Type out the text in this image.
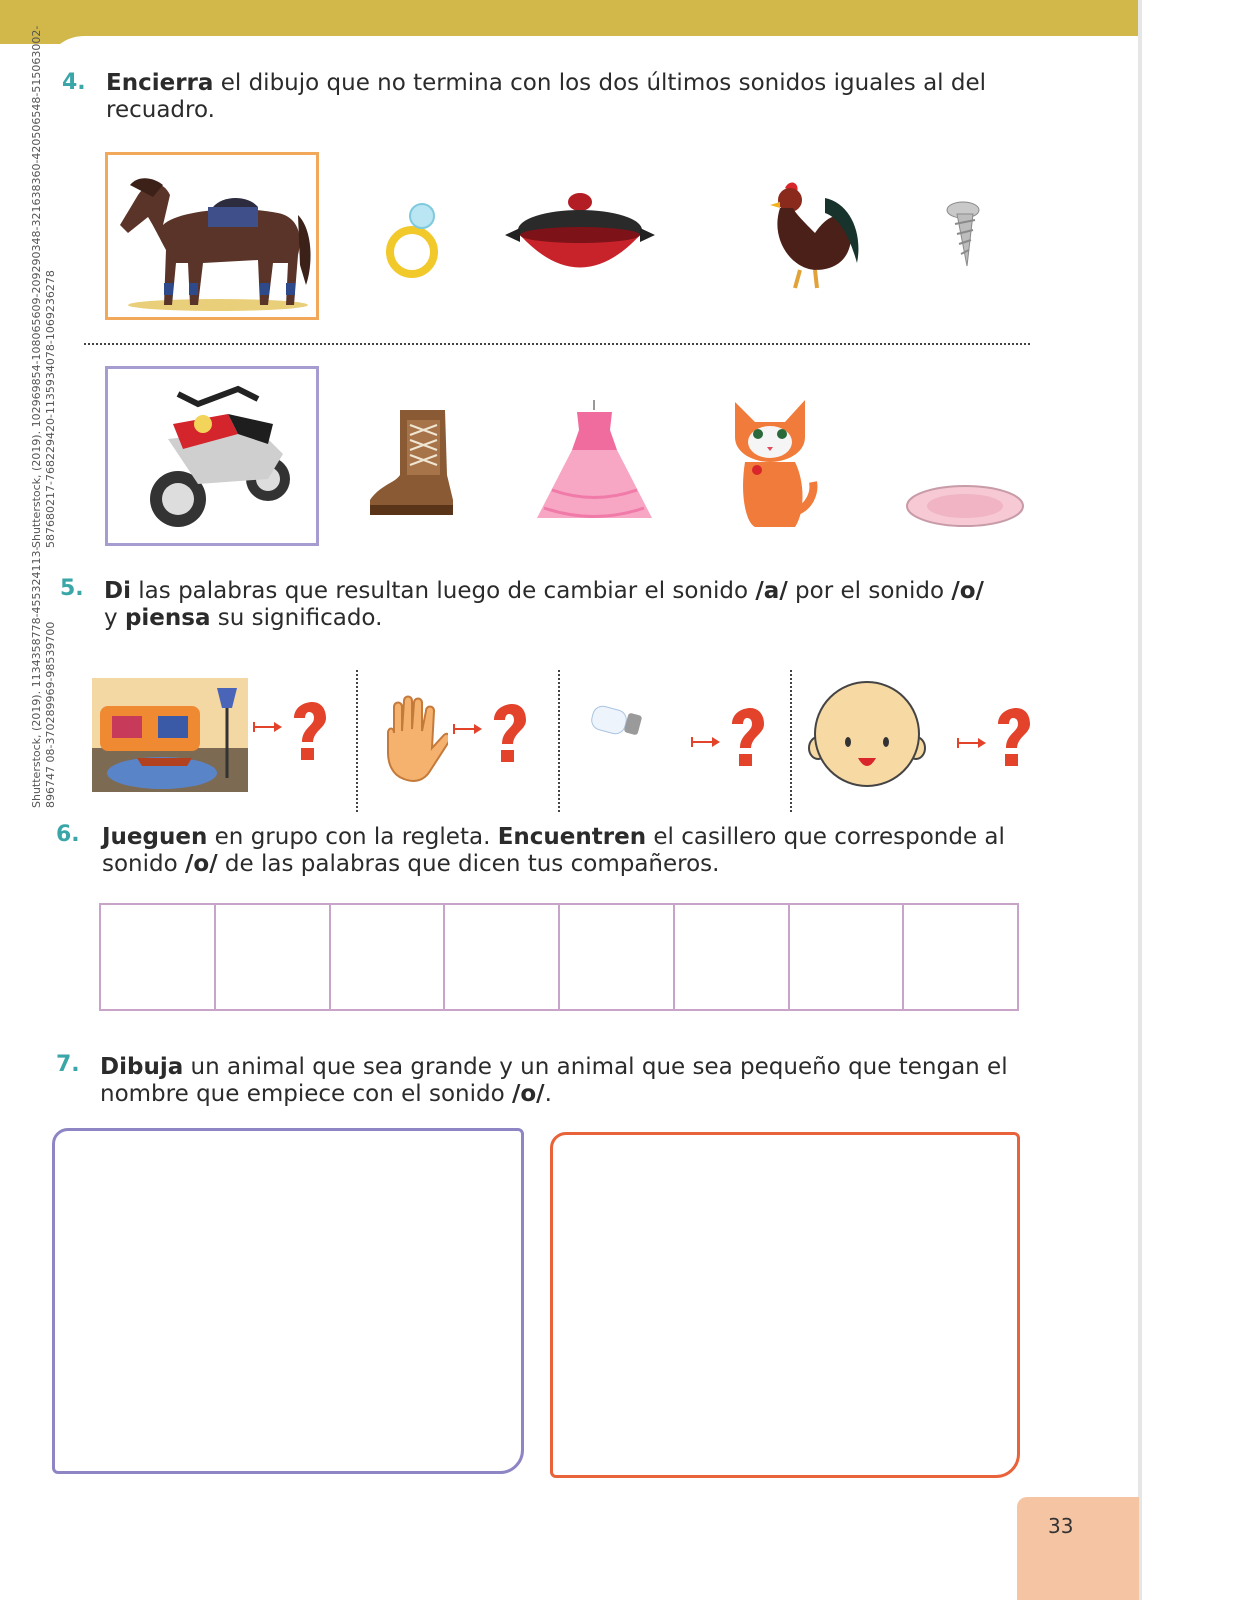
Shutterstock, (2019). 102969854-108065609-209290348-321638360-420506548-515063002- 587680217-768229420-1135934078-1069236278
Shutterstock, (2019). 1134358778-455324113- 896747 08-370289969-98539700
4. Encierra el dibujo que no termina con los dos últimos sonidos iguales al del recuadro.
5. Di las palabras que resultan luego de cambiar el sonido /a/ por el sonido /o/ y piensa su significado.
6. Jueguen en grupo con la regleta. Encuentren el casillero que corresponde al sonido /o/ de las palabras que dicen tus compañeros.
7. Dibuja un animal que sea grande y un animal que sea pequeño que tengan el nombre que empiece con el sonido /o/.
33
